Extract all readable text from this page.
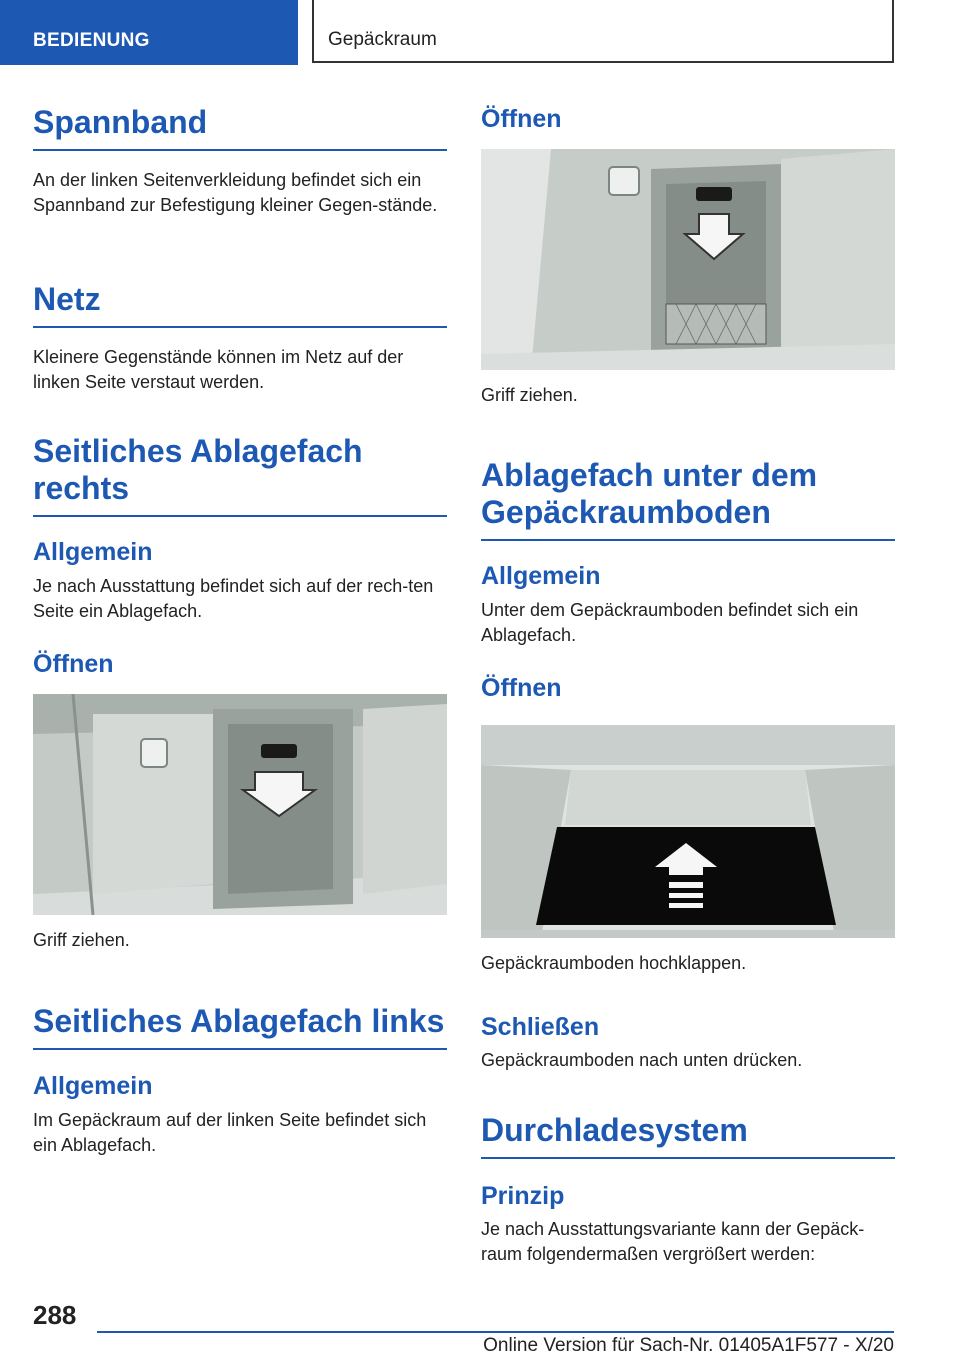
BEDIENUNG	Gepäckraum
Spannband
An der linken Seitenverkleidung befindet sich ein Spannband zur Befestigung kleiner Gegen-stände.
Netz
Kleinere Gegenstände können im Netz auf der linken Seite verstaut werden.
Seitliches Ablagefach
rechts
Allgemein
Je nach Ausstattung befindet sich auf der rech-ten Seite ein Ablagefach.
Öffnen
Griff ziehen.
Seitliches Ablagefach links
Allgemein
Im Gepäckraum auf der linken Seite befindet sich ein Ablagefach.
Öffnen
Griff ziehen.
Ablagefach unter dem
Gepäckraumboden
Allgemein
Unter dem Gepäckraumboden befindet sich ein Ablagefach.
Öffnen
Gepäckraumboden hochklappen.
Schließen
Gepäckraumboden nach unten drücken.
Durchladesystem
Prinzip
Je nach Ausstattungsvariante kann der Gepäck-raum folgendermaßen vergrößert werden:
288
Online Version für Sach-Nr. 01405A1F577 - X/20
